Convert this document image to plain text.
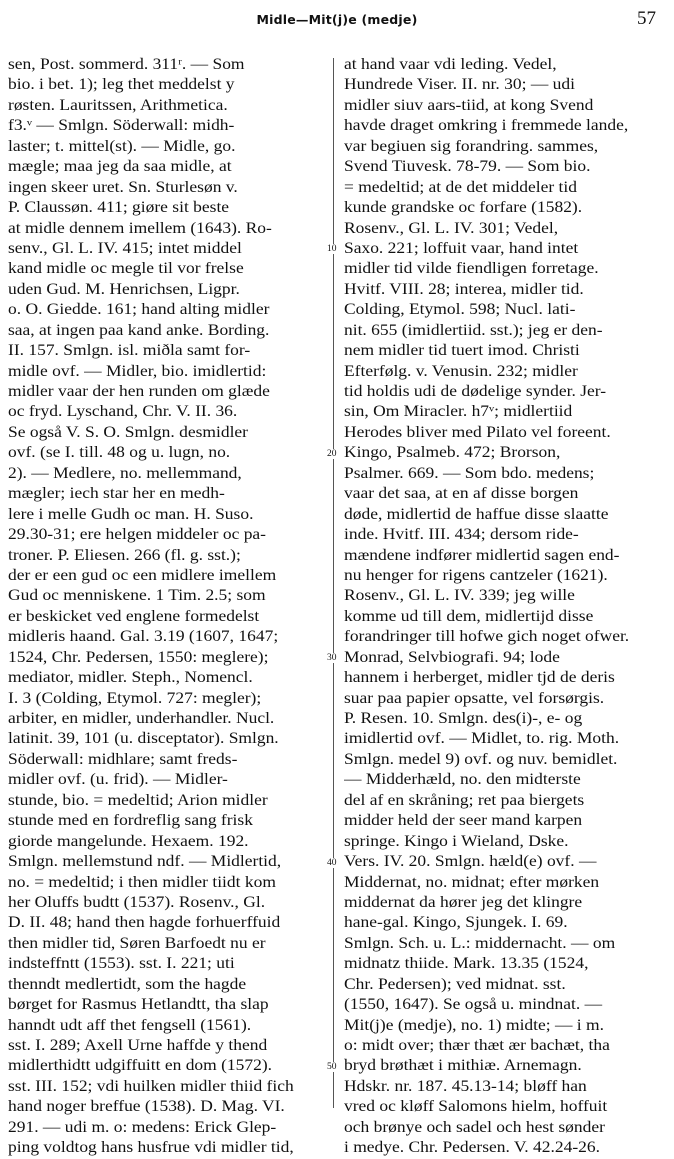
Midle—Mit(j)e (medje)	57
sen, Post. sommerd. 311ʳ. — Som
bio. i bet. 1); leg thet meddelst y
røsten. Lauritssen, Arithmetica.
f3.ᵛ — Smlgn. Söderwall: midh-
laster; t. mittel(st). — Midle, go.
mægle; maa jeg da saa midle, at
ingen skeer uret. Sn. Sturlesøn v.
P. Claussøn. 411; giøre sit beste
at midle dennem imellem (1643). Ro-
senv., Gl. L. IV. 415; intet middel
kand midle oc megle til vor frelse
uden Gud. M. Henrichsen, Ligpr.
o. O. Giedde. 161; hand alting midler
saa, at ingen paa kand anke. Bording.
II. 157. Smlgn. isl. miðla samt for-
midle ovf. — Midler, bio. imidlertid:
midler vaar der hen runden om glæde
oc fryd. Lyschand, Chr. V. II. 36.
Se også V. S. O. Smlgn. desmidler
ovf. (se I. till. 48 og u. lugn, no.
2). — Medlere, no. mellemmand,
mægler; iech star her en medh-
lere i melle Gudh oc man. H. Suso.
29.30-31; ere helgen middeler oc pa-
troner. P. Eliesen. 266 (fl. g. sst.);
der er een gud oc een midlere imellem
Gud oc menniskene. 1 Tim. 2.5; som
er beskicket ved englene formedelst
midleris haand. Gal. 3.19 (1607, 1647;
1524, Chr. Pedersen, 1550: meglere);
mediator, midler. Steph., Nomencl.
I. 3 (Colding, Etymol. 727: megler);
arbiter, en midler, underhandler. Nucl.
latinit. 39, 101 (u. disceptator). Smlgn.
Söderwall: midhlare; samt freds-
midler ovf. (u. frid). — Midler-
stunde, bio. = medeltid; Arion midler
stunde med en fordreflig sang frisk
giorde mangelunde. Hexaem. 192.
Smlgn. mellemstund ndf. — Midlertid,
no. = medeltid; i then midler tiidt kom
her Oluffs budtt (1537). Rosenv., Gl.
D. II. 48; hand then hagde forhuerffuid
then midler tid, Søren Barfoedt nu er
indsteffntt (1553). sst. I. 221; uti
thenndt medlertidt, som the hagde
børget for Rasmus Hetlandtt, tha slap
hanndt udt aff thet fengsell (1561).
sst. I. 289; Axell Urne haffde y thend
midlerthidtt udgiffuitt en dom (1572).
sst. III. 152; vdi huilken midler thiid fich
hand noger breffue (1538). D. Mag. VI.
291. — udi m. o: medens: Erick Glep-
ping voldtog hans husfrue vdi midler tid,
10
20
30
40
50
at hand vaar vdi leding. Vedel,
Hundrede Viser. II. nr. 30; — udi
midler siuv aars-tiid, at kong Svend
havde draget omkring i fremmede lande,
var begiuen sig forandring. sammes,
Svend Tiuvesk. 78-79. — Som bio.
= medeltid; at de det middeler tid
kunde grandske oc forfare (1582).
Rosenv., Gl. L. IV. 301; Vedel,
Saxo. 221; loffuit vaar, hand intet
midler tid vilde fiendligen forretage.
Hvitf. VIII. 28; interea, midler tid.
Colding, Etymol. 598; Nucl. lati-
nit. 655 (imidlertiid. sst.); jeg er den-
nem midler tid tuert imod. Christi
Efterfølg. v. Venusin. 232; midler
tid holdis udi de dødelige synder. Jer-
sin, Om Miracler. h7ᵛ; midlertiid
Herodes bliver med Pilato vel foreent.
Kingo, Psalmeb. 472; Brorson,
Psalmer. 669. — Som bdo. medens;
vaar det saa, at en af disse borgen
døde, midlertid de haffue disse slaatte
inde. Hvitf. III. 434; dersom ride-
mændene indfører midlertid sagen end-
nu henger for rigens cantzeler (1621).
Rosenv., Gl. L. IV. 339; jeg wille
komme ud till dem, midlertijd disse
forandringer till hofwe gich noget ofwer.
Monrad, Selvbiografi. 94; lode
hannem i herberget, midler tjd de deris
suar paa papier opsatte, vel forsørgis.
P. Resen. 10. Smlgn. des(i)-, e- og
imidlertid ovf. — Midlet, to. rig. Moth.
Smlgn. medel 9) ovf. og nuv. bemidlet.
— Midderhæld, no. den midterste
del af en skråning; ret paa biergets
midder held der seer mand karpen
springe. Kingo i Wieland, Dske.
Vers. IV. 20. Smlgn. hæld(e) ovf. —
Middernat, no. midnat; efter mørken
middernat da hører jeg det klingre
hane-gal. Kingo, Sjungek. I. 69.
Smlgn. Sch. u. L.: middernacht. — om
midnatz thiide. Mark. 13.35 (1524,
Chr. Pedersen); ved midnat. sst.
(1550, 1647). Se også u. mindnat. —
Mit(j)e (medje), no. 1) midte; — i m.
o: midt over; thær thæt ær bachæt, tha
bryd brøthæt i mithiæ. Arnemagn.
Hdskr. nr. 187. 45.13-14; bløff han
vred oc kløff Salomons hielm, hoffuit
och brønye och sadel och hest sønder
i medye. Chr. Pedersen. V. 42.24-26.
